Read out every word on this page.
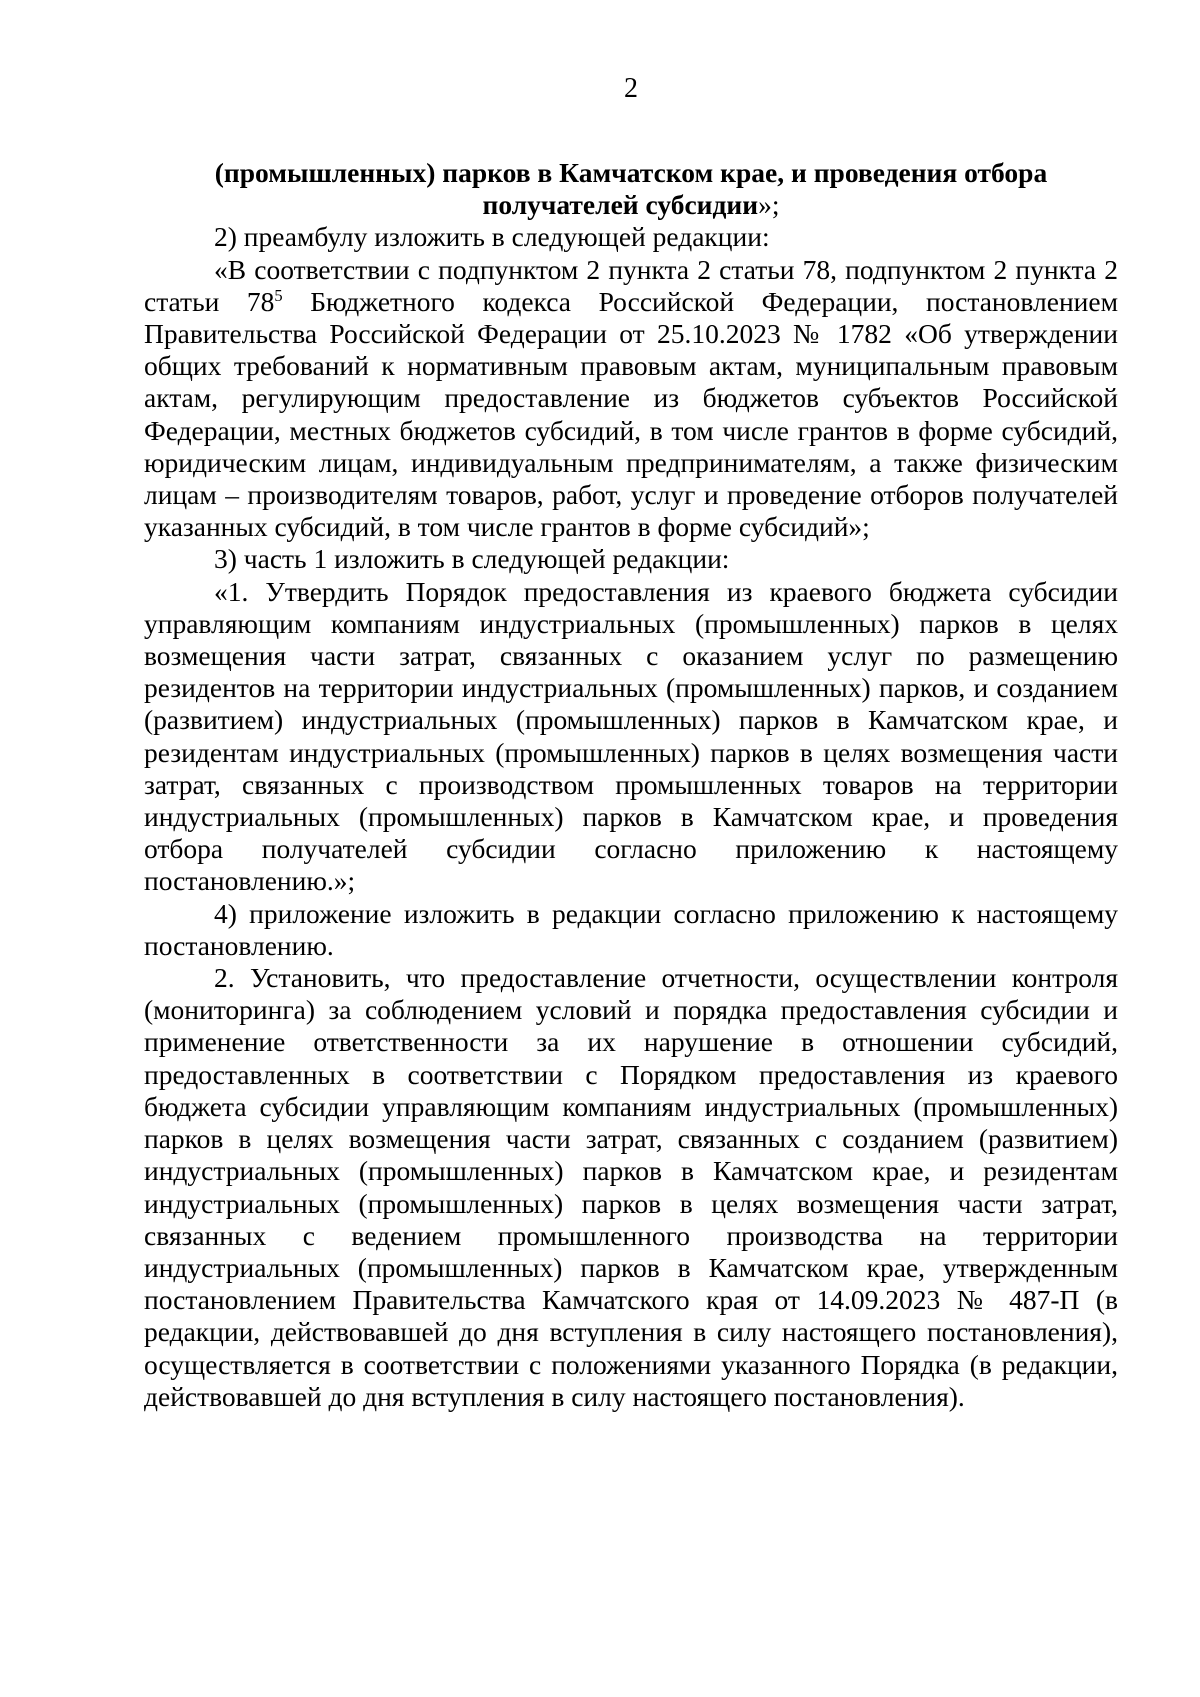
2

(промышленных) парков в Камчатском крае, и проведения отбора
получателей субсидии»;

2) преамбулу изложить в следующей редакции:

«В соответствии с подпунктом 2 пункта 2 статьи 78, подпунктом 2 пункта 2 статьи $78^5$ Бюджетного кодекса Российской Федерации, постановлением Правительства Российской Федерации от 25.10.2023 № 1782 «Об утверждении общих требований к нормативным правовым актам, муниципальным правовым актам, регулирующим предоставление из бюджетов субъектов Российской Федерации, местных бюджетов субсидий, в том числе грантов в форме субсидий, юридическим лицам, индивидуальным предпринимателям, а также физическим лицам – производителям товаров, работ, услуг и проведение отборов получателей указанных субсидий, в том числе грантов в форме субсидий»;

3) часть 1 изложить в следующей редакции:

«1. Утвердить Порядок предоставления из краевого бюджета субсидии управляющим компаниям индустриальных (промышленных) парков в целях возмещения части затрат, связанных с оказанием услуг по размещению резидентов на территории индустриальных (промышленных) парков, и созданием (развитием) индустриальных (промышленных) парков в Камчатском крае, и резидентам индустриальных (промышленных) парков в целях возмещения части затрат, связанных с производством промышленных товаров на территории индустриальных (промышленных) парков в Камчатском крае, и проведения отбора получателей субсидии согласно приложению к настоящему постановлению.»;

4) приложение изложить в редакции согласно приложению к настоящему постановлению.

2. Установить, что предоставление отчетности, осуществлении контроля (мониторинга) за соблюдением условий и порядка предоставления субсидии и применение ответственности за их нарушение в отношении субсидий, предоставленных в соответствии с Порядком предоставления из краевого бюджета субсидии управляющим компаниям индустриальных (промышленных) парков в целях возмещения части затрат, связанных с созданием (развитием) индустриальных (промышленных) парков в Камчатском крае, и резидентам индустриальных (промышленных) парков в целях возмещения части затрат, связанных с ведением промышленного производства на территории индустриальных (промышленных) парков в Камчатском крае, утвержденным постановлением Правительства Камчатского края от 14.09.2023 № 487-П (в редакции, действовавшей до дня вступления в силу настоящего постановления), осуществляется в соответствии с положениями указанного Порядка (в редакции, действовавшей до дня вступления в силу настоящего постановления).
